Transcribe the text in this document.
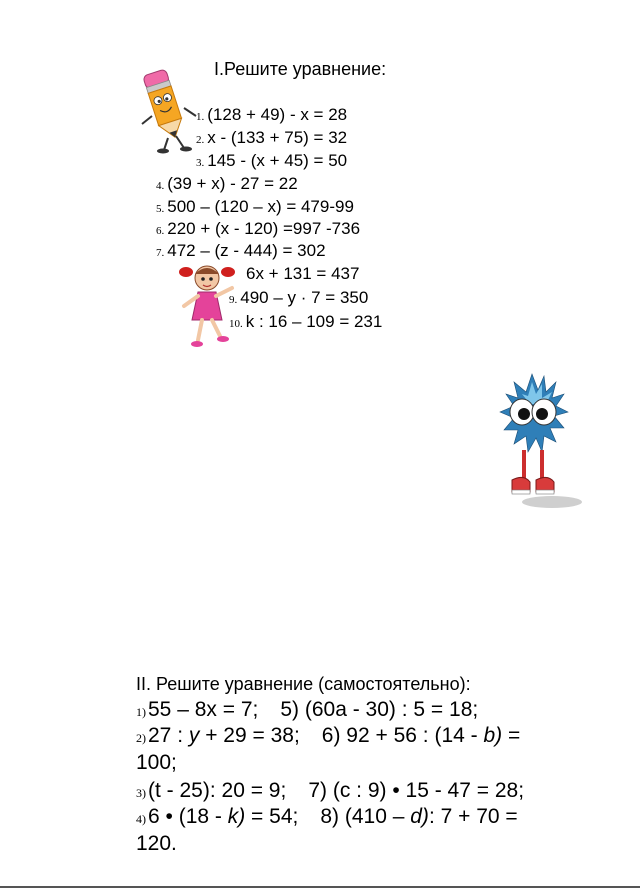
I.Решите уравнение:
1. (128 + 49) - x = 28
2. x - (133 + 75) = 32
3. 145 - (x + 45) = 50
4. (39 + x) - 27 = 22
5. 500 – (120 – x) = 479-99
6. 220 + (x - 120) =997 -736
7. 472 – (z - 444) = 302
6x + 131 = 437
9. 490 – y · 7 = 350
10. k : 16 – 109 = 231
II. Решите уравнение (самостоятельно):
1)55 – 8x = 7; 5) (60a - 30) : 5 = 18;
2)27 : y + 29 = 38; 6) 92 + 56 : (14 - b) =
100;
3)(t - 25): 20 = 9; 7) (c : 9) • 15 - 47 = 28;
4)6 • (18 - k) = 54; 8) (410 – d): 7 + 70 =
120.
